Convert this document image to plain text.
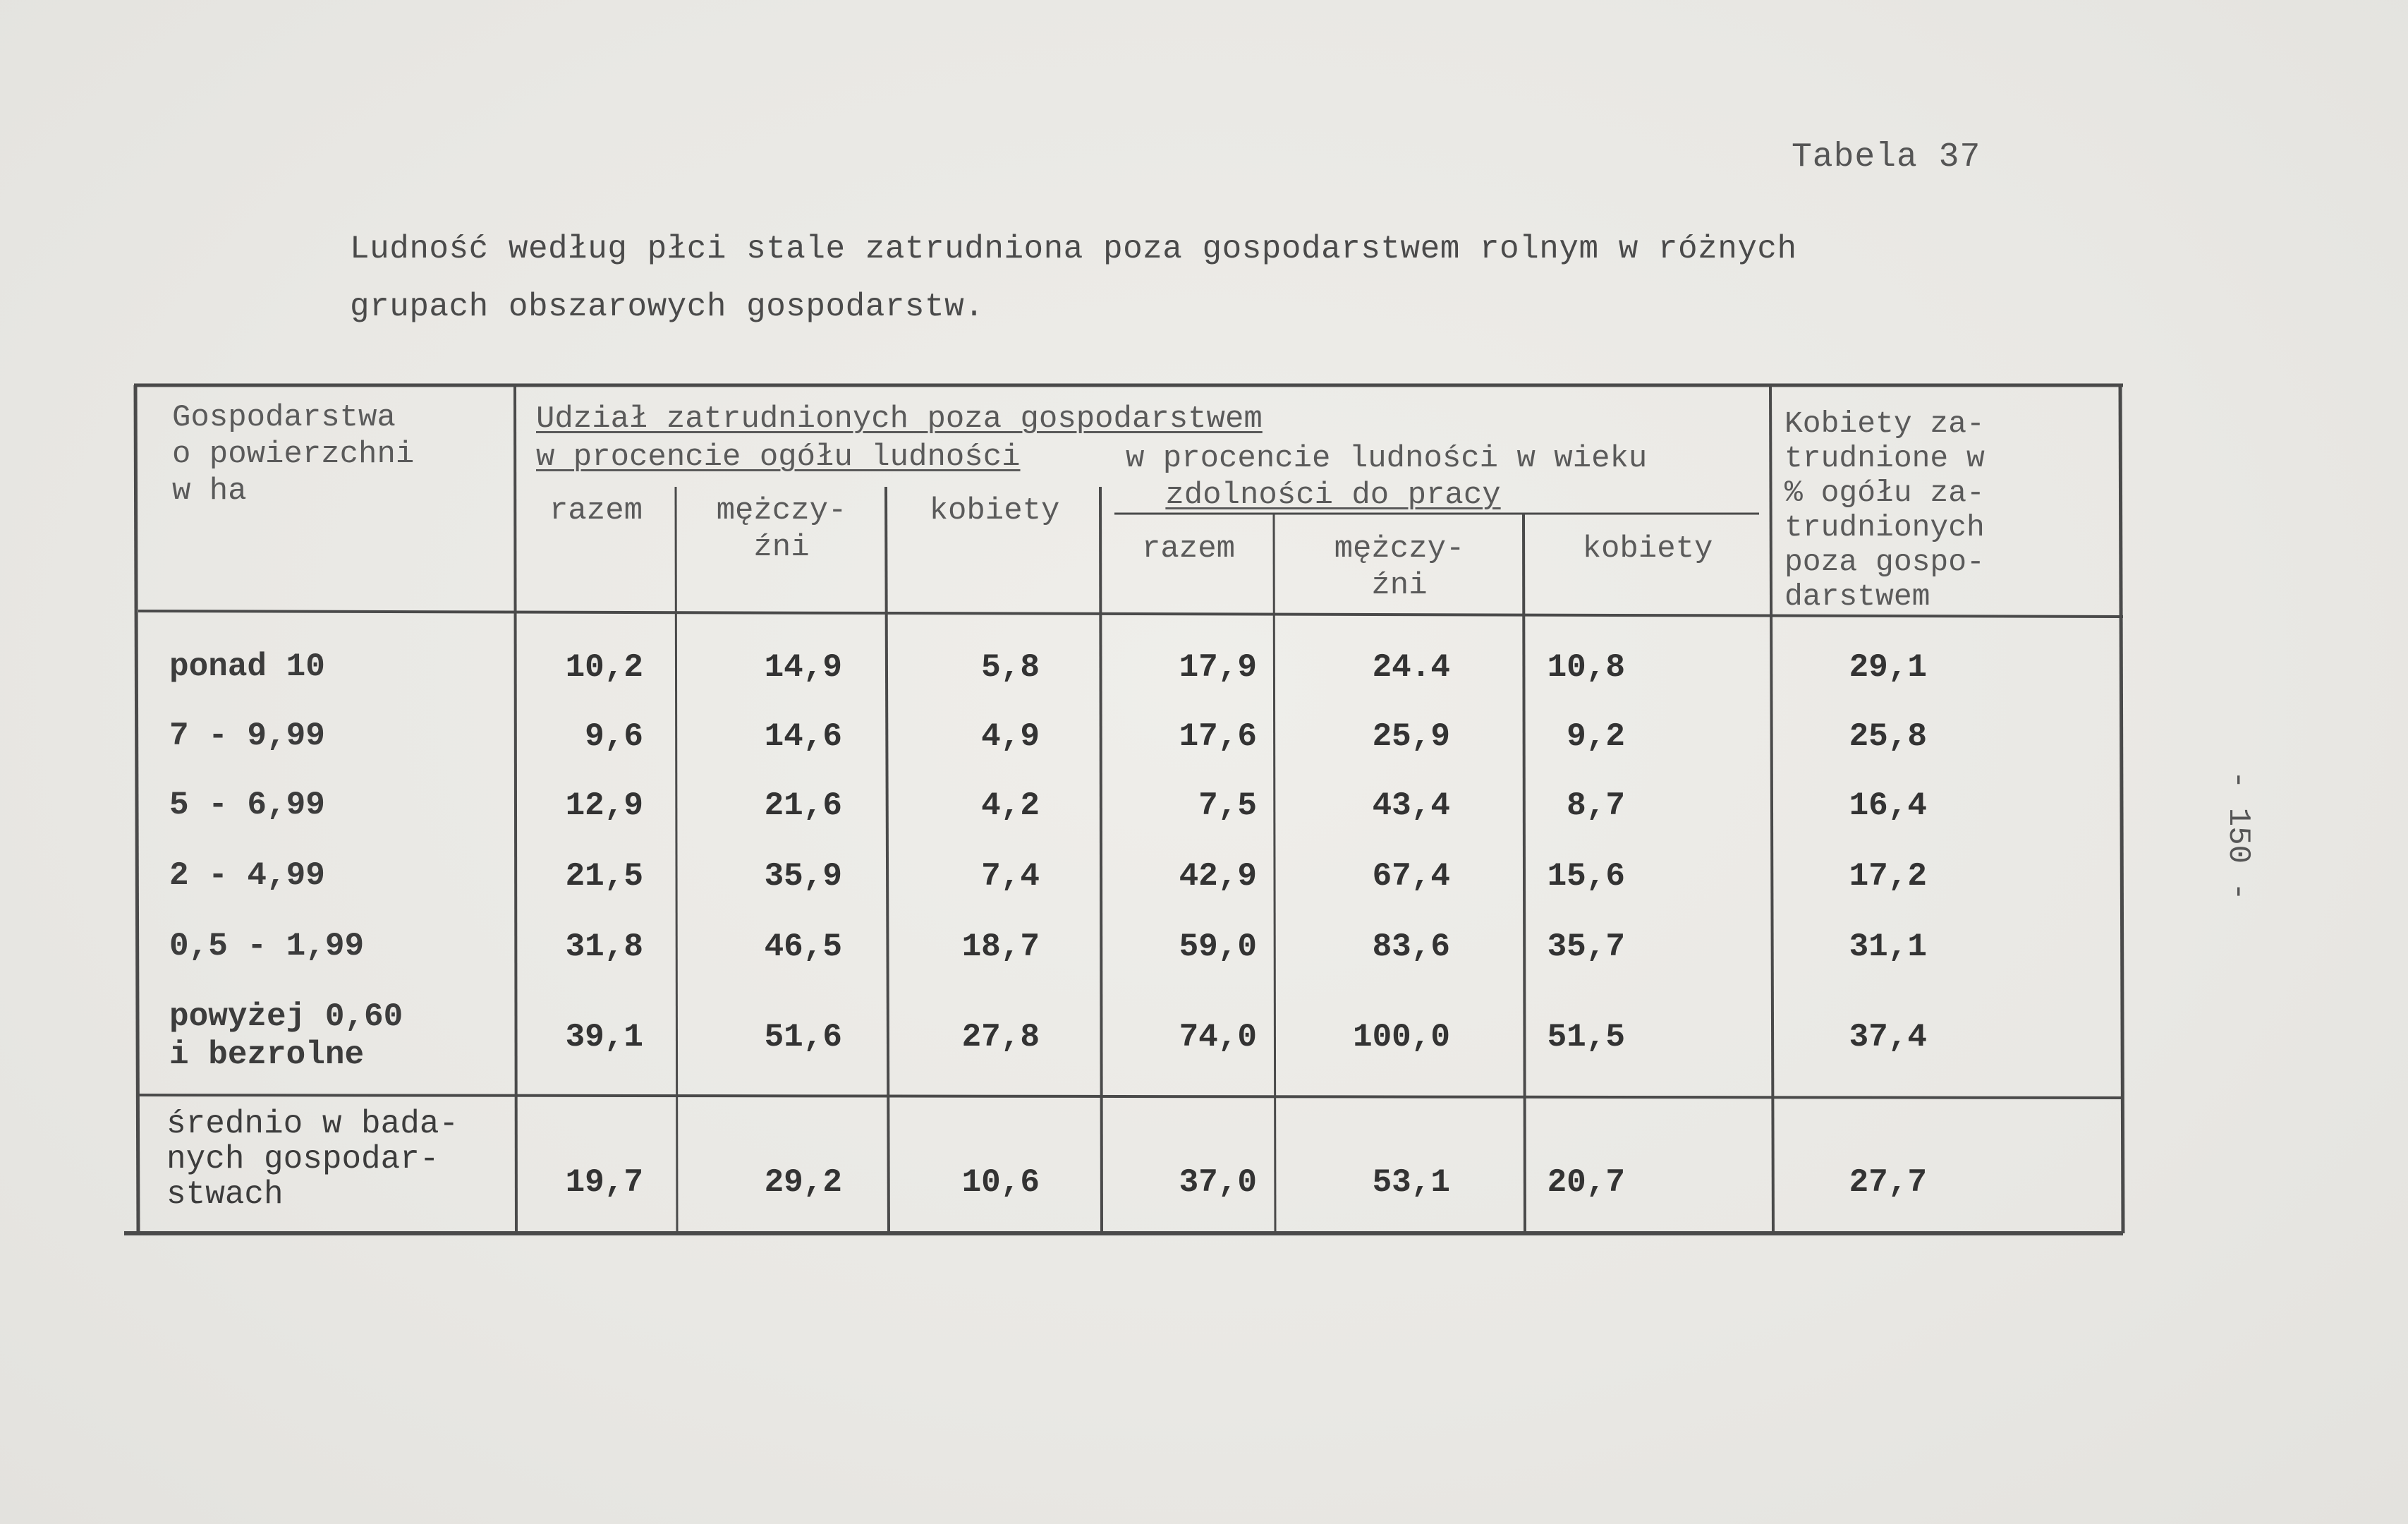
Tabela 37
Ludność według płci stale zatrudniona poza gospodarstwem rolnym w różnych
grupach obszarowych gospodarstw.
- 150 -
Gospodarstwa
o powierzchni
w ha
Udział zatrudnionych poza gospodarstwem
w procencie ogółu ludności	w procencie ludności w wieku
zdolności do pracy
razem	mężczy-
źni
kobiety
razem	mężczy-
źni
kobiety
Kobiety za-
trudnione w
% ogółu za-
trudnionych
poza gospo-
darstwem
ponad 10	10,2	14,9	5,8	17,9	24.4	10,8	29,1
7 - 9,99	9,6	14,6	4,9	17,6	25,9	9,2	25,8
5 - 6,99	12,9	21,6	4,2	7,5	43,4	8,7	16,4
2 - 4,99	21,5	35,9	7,4	42,9	67,4	15,6	17,2
0,5 - 1,99	31,8	46,5	18,7	59,0	83,6	35,7	31,1
powyżej 0,60
i bezrolne	39,1	51,6	27,8	74,0	100,0	51,5	37,4
średnio w bada-
nych gospodar-
stwach	19,7	29,2	10,6	37,0	53,1	20,7	27,7
